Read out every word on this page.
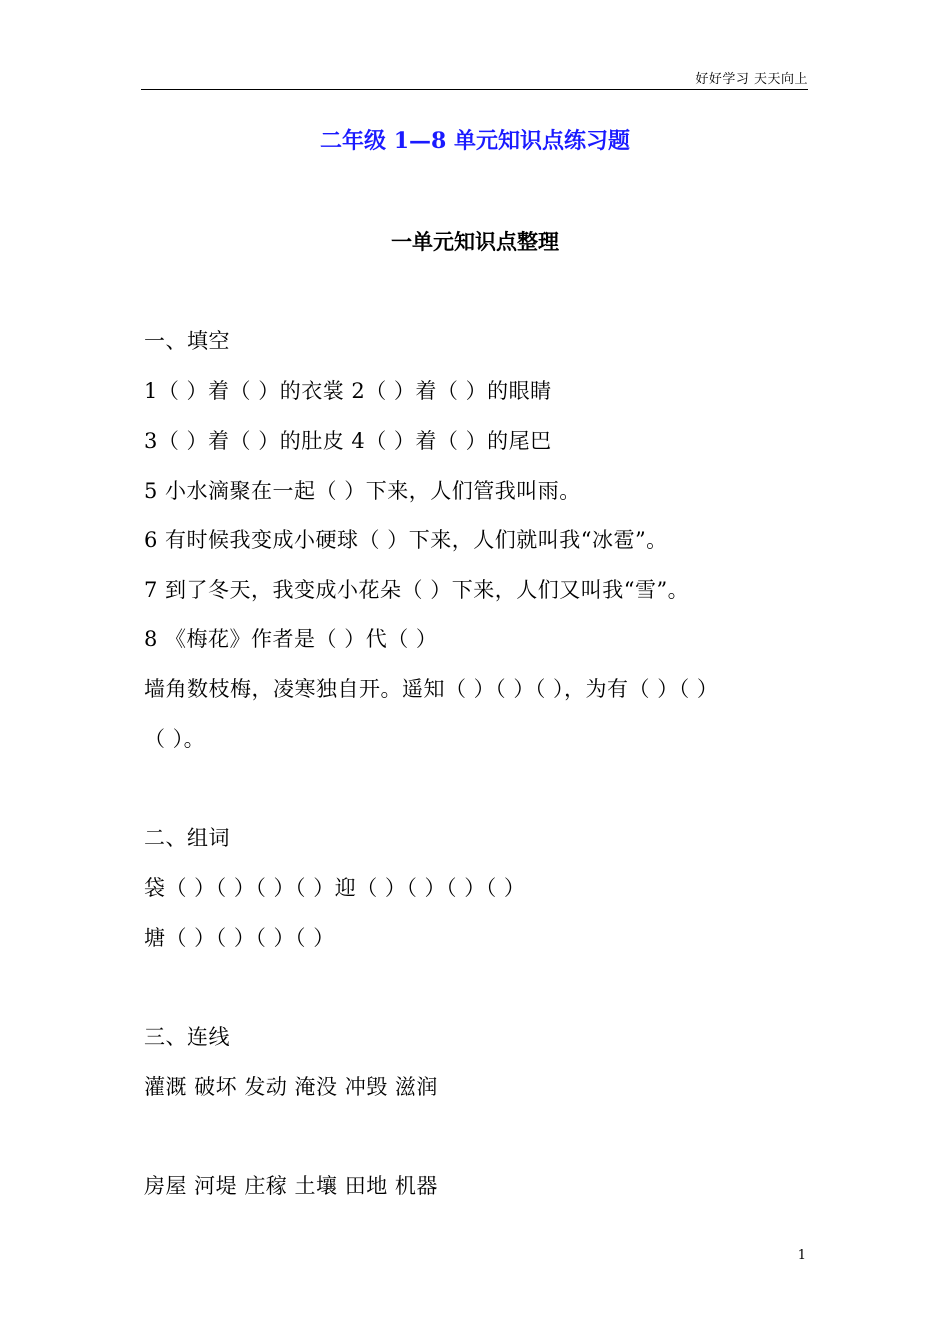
好好学习 天天向上
二年级 1—8 单元知识点练习题
一单元知识点整理
一、填空
1（ ）着（ ）的衣裳 2（ ）着（ ）的眼睛
3（ ）着（ ）的肚皮 4（ ）着（ ）的尾巴
5 小水滴聚在一起（ ）下来，人们管我叫雨。
6 有时候我变成小硬球（ ）下来，人们就叫我“冰雹”。
7 到了冬天，我变成小花朵（ ）下来，人们又叫我“雪”。
8 《梅花》作者是（ ）代（ ）
墙角数枝梅，凌寒独自开。遥知（ ）（ ）（ ），为有（ ）（ ）
（ ）。
二、组词
袋（ ）（ ）（ ）（ ）迎（ ）（ ）（ ）（ ）
塘（ ）（ ）（ ）（ ）
三、连线
灌溉 破坏 发动 淹没 冲毁 滋润
房屋 河堤 庄稼 土壤 田地 机器
1
